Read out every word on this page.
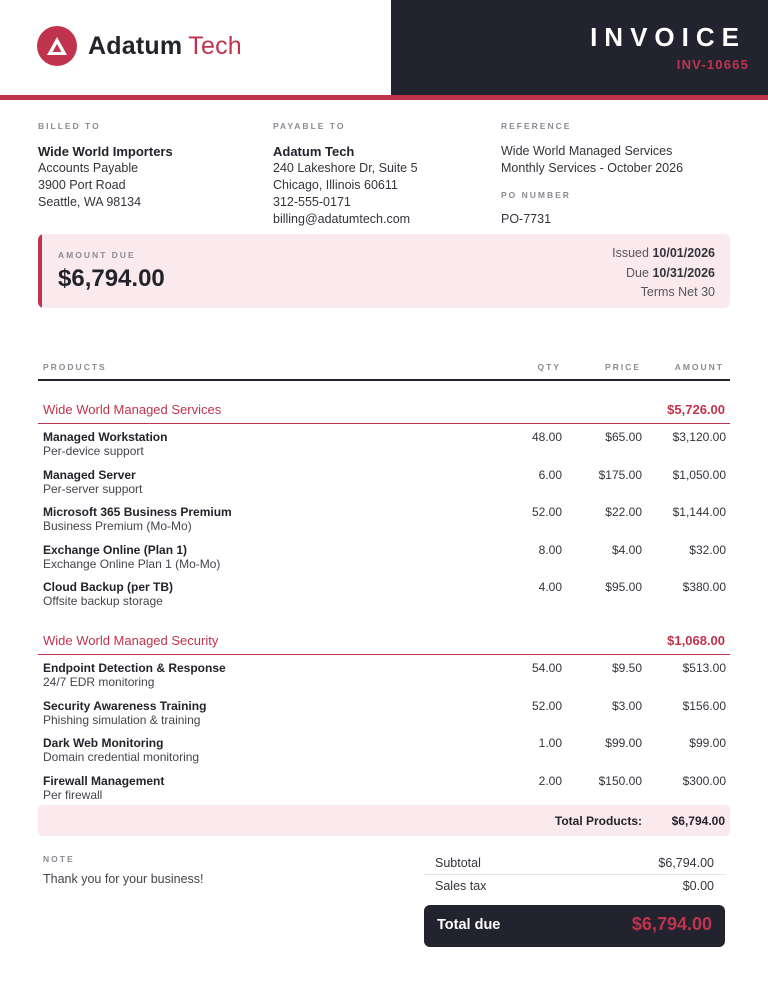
Adatum Tech	INVOICE
INV-10665
BILLED TO
Wide World Importers
Accounts Payable
3900 Port Road
Seattle, WA 98134
PAYABLE TO
Adatum Tech
240 Lakeshore Dr, Suite 5
Chicago, Illinois 60611
312-555-0171
billing@adatumtech.com
REFERENCE
Wide World Managed Services
Monthly Services - October 2026
PO NUMBER
PO-7731
AMOUNT DUE
$6,794.00
Issued 10/01/2026
Due 10/31/2026
Terms Net 30
PRODUCTS	QTY	PRICE	AMOUNT
Wide World Managed Services	$5,726.00
Managed Workstation
Per-device support
48.00	$65.00	$3,120.00
Managed Server
Per-server support
6.00	$175.00	$1,050.00
Microsoft 365 Business Premium
Business Premium (Mo-Mo)
52.00	$22.00	$1,144.00
Exchange Online (Plan 1)
Exchange Online Plan 1 (Mo-Mo)
8.00	$4.00	$32.00
Cloud Backup (per TB)
Offsite backup storage
4.00	$95.00	$380.00
Wide World Managed Security	$1,068.00
Endpoint Detection & Response
24/7 EDR monitoring
54.00	$9.50	$513.00
Security Awareness Training
Phishing simulation & training
52.00	$3.00	$156.00
Dark Web Monitoring
Domain credential monitoring
1.00	$99.00	$99.00
Firewall Management
Per firewall
2.00	$150.00	$300.00
Total Products: $6,794.00
NOTE
Thank you for your business!
Subtotal	$6,794.00
Sales tax	$0.00
Total due	$6,794.00
